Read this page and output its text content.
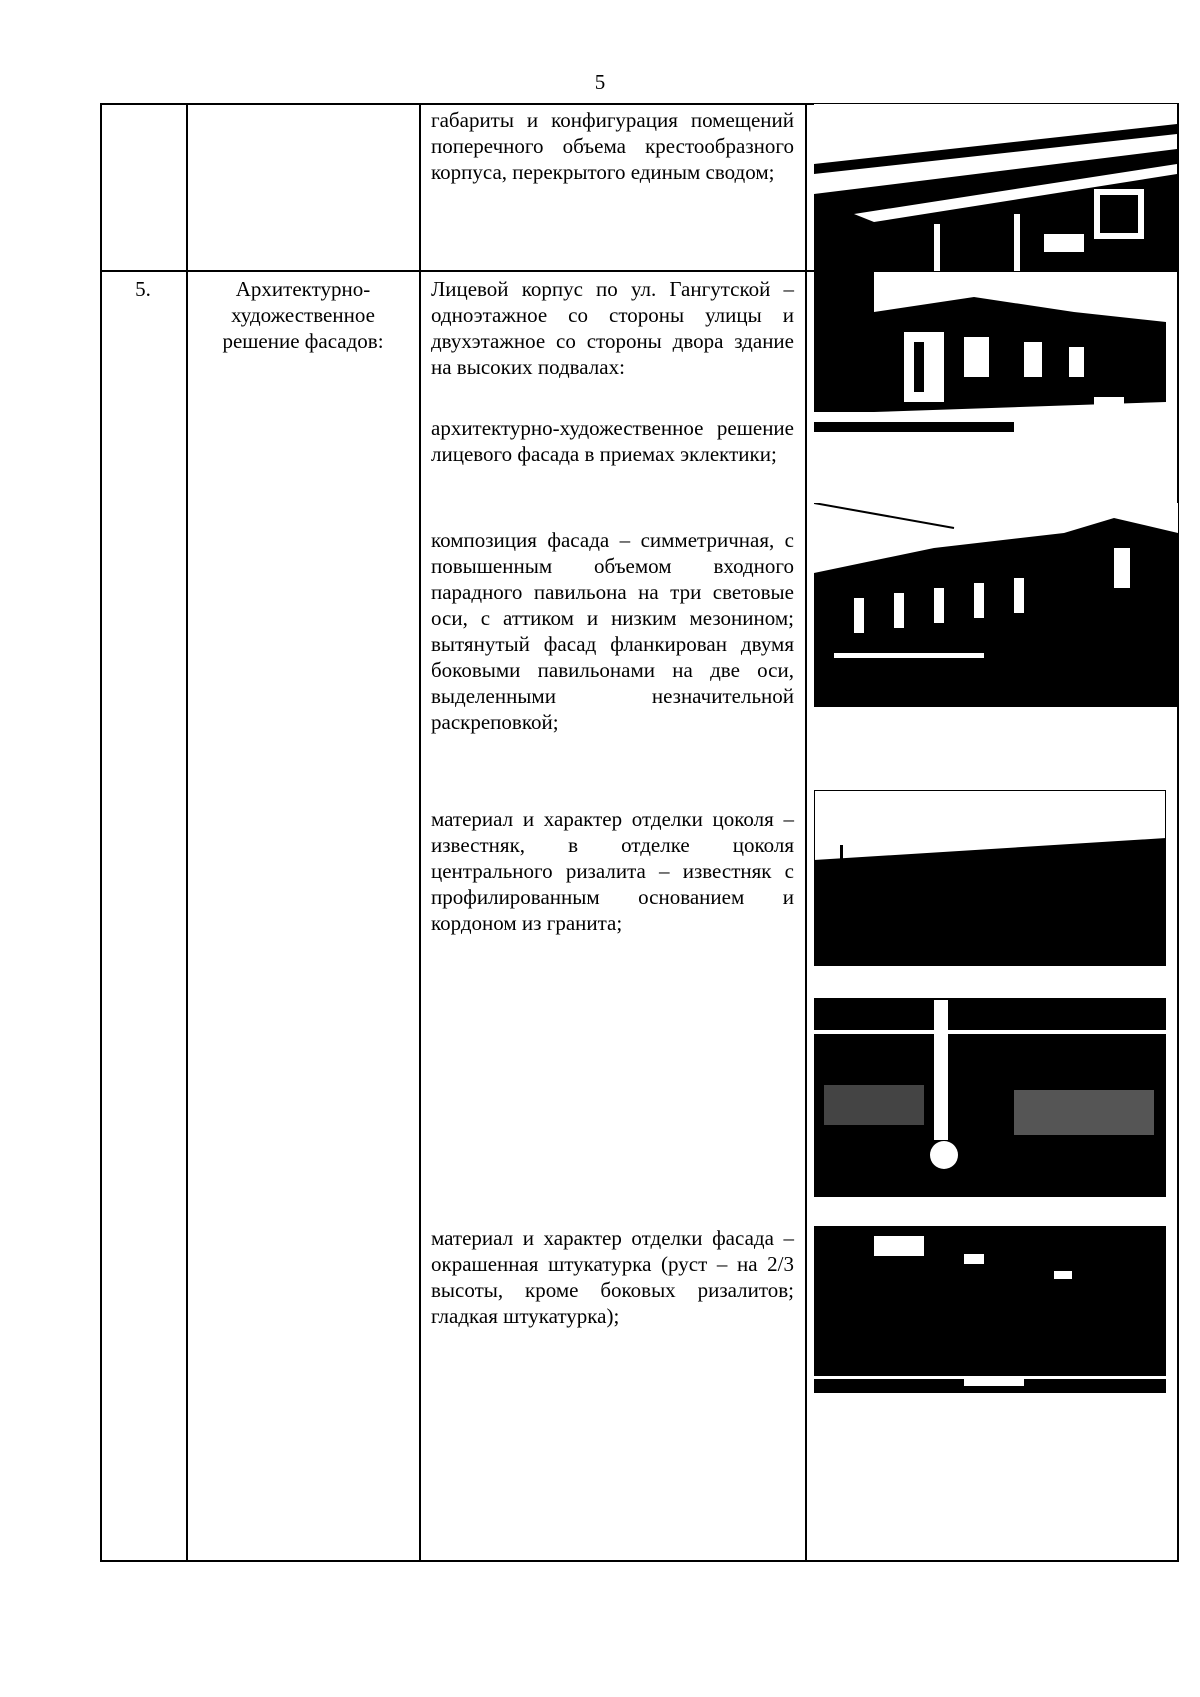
5
габариты и конфигурация помещений поперечного объема крестообразного корпуса, перекрытого единым сводом;
5.	Архитектурно-художественное решение фасадов:
Лицевой корпус по ул. Гангутской – одноэтажное со стороны улицы и двухэтажное со стороны двора здание на высоких подвалах:
архитектурно-художественное решение лицевого фасада в приемах эклектики;
композиция фасада – симметричная, с повышенным объемом входного парадного павильона на три световые оси, с аттиком и низким мезонином; вытянутый фасад фланкирован двумя боковыми павильонами на две оси, выделенными незначительной раскреповкой;
материал и характер отделки цоколя – известняк, в отделке цоколя центрального ризалита – известняк с профилированным основанием и кордоном из гранита;
материал и характер отделки фасада – окрашенная штукатурка (руст – на 2/3 высоты, кроме боковых ризалитов; гладкая штукатурка);
